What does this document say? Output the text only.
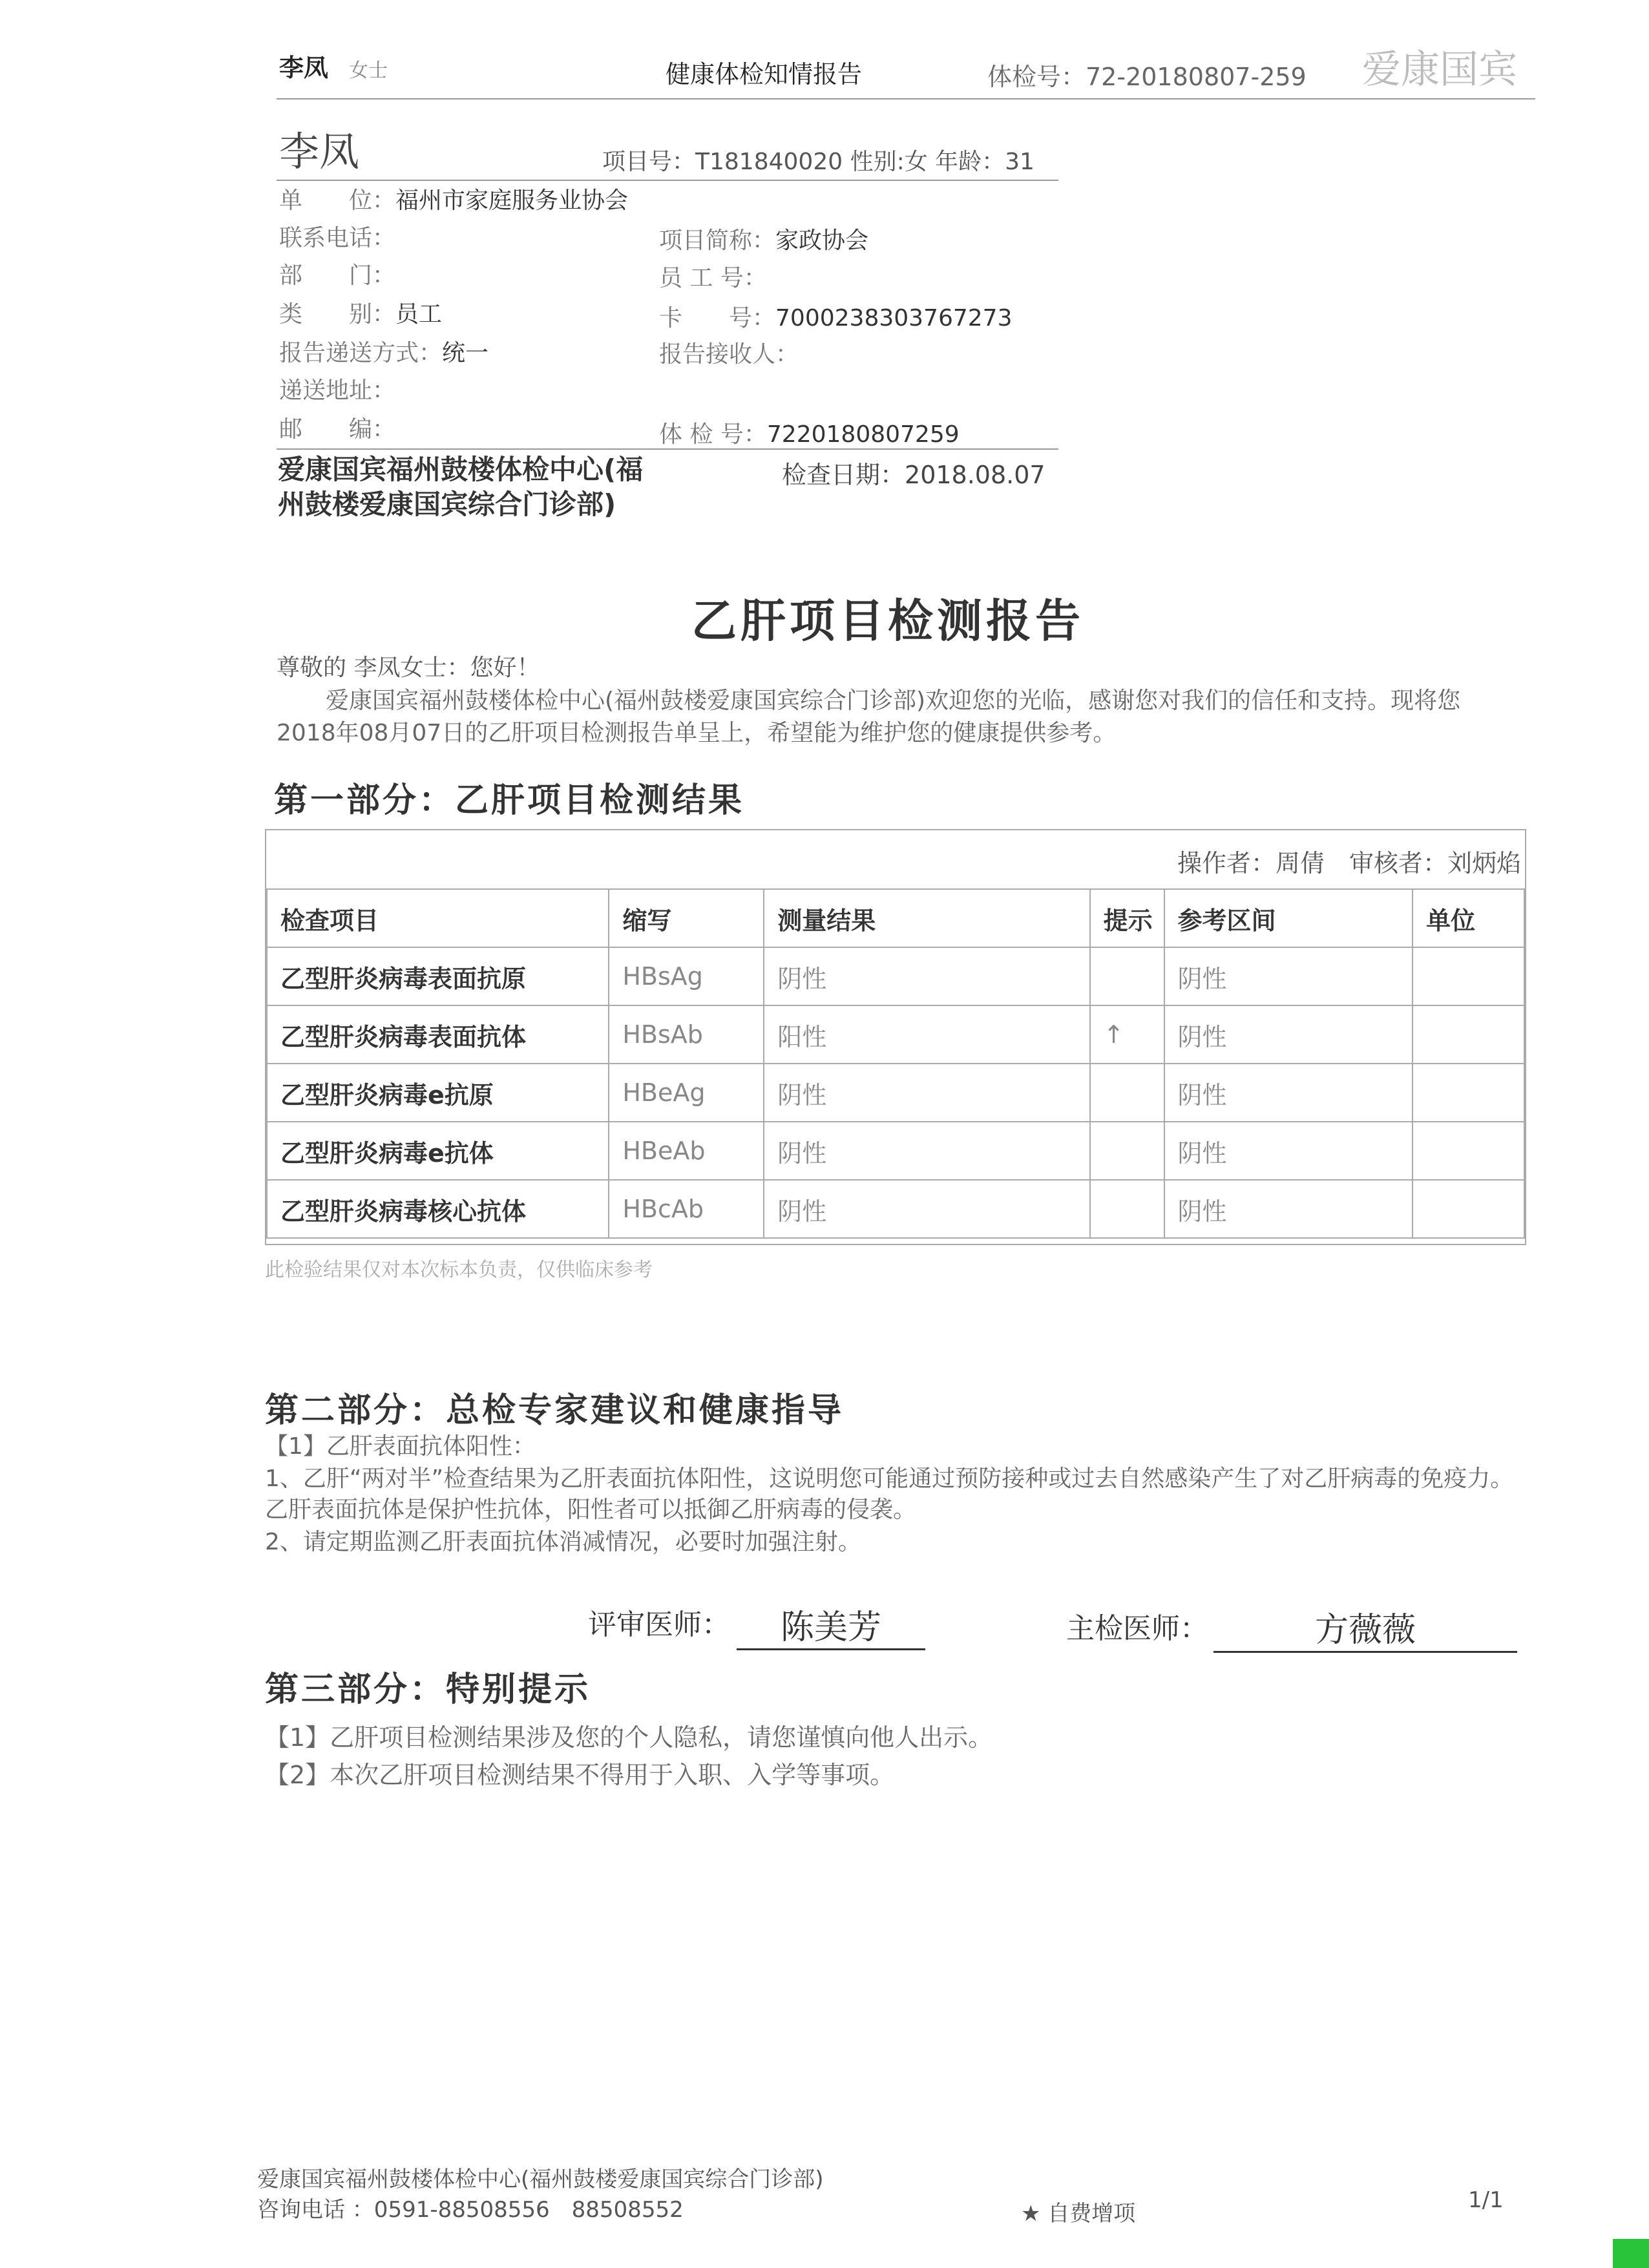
李凤 女士	健康体检知情报告	体检号：72-20180807-259 爱康国宾
李凤	项目号：T181840020 性别:女 年龄：31
单　　位：福州市家庭服务业协会
联系电话：	项目简称：家政协会
部　　门：	员 工 号：
类　　别：员工	卡　　号：7000238303767273
报告递送方式：统一	报告接收人：
递送地址：
邮　　编：	体 检 号：7220180807259
爱康国宾福州鼓楼体检中心(福州鼓楼爱康国宾综合门诊部)
检查日期：2018.08.07
乙肝项目检测报告
尊敬的 李凤女士：您好！
爱康国宾福州鼓楼体检中心(福州鼓楼爱康国宾综合门诊部)欢迎您的光临，感谢您对我们的信任和支持。现将您2018年08月07日的乙肝项目检测报告单呈上，希望能为维护您的健康提供参考。
第一部分：乙肝项目检测结果
操作者：周倩　审核者：刘炳焰
检查项目	缩写	测量结果	提示	参考区间	单位
乙型肝炎病毒表面抗原	HBsAg	阴性		阴性	
乙型肝炎病毒表面抗体	HBsAb	阳性	↑	阴性	
乙型肝炎病毒e抗原	HBeAg	阴性		阴性	
乙型肝炎病毒e抗体	HBeAb	阴性		阴性	
乙型肝炎病毒核心抗体	HBcAb	阴性		阴性	
此检验结果仅对本次标本负责，仅供临床参考
第二部分：总检专家建议和健康指导
【1】乙肝表面抗体阳性：
1、乙肝“两对半”检查结果为乙肝表面抗体阳性，这说明您可能通过预防接种或过去自然感染产生了对乙肝病毒的免疫力。乙肝表面抗体是保护性抗体，阳性者可以抵御乙肝病毒的侵袭。
2、请定期监测乙肝表面抗体消减情况，必要时加强注射。
评审医师：	陈美芳	主检医师：	方薇薇
第三部分：特别提示
【1】乙肝项目检测结果涉及您的个人隐私，请您谨慎向他人出示。
【2】本次乙肝项目检测结果不得用于入职、入学等事项。
爱康国宾福州鼓楼体检中心(福州鼓楼爱康国宾综合门诊部)
咨询电话 ：0591-88508556　88508552	★ 自费增项
1/1
